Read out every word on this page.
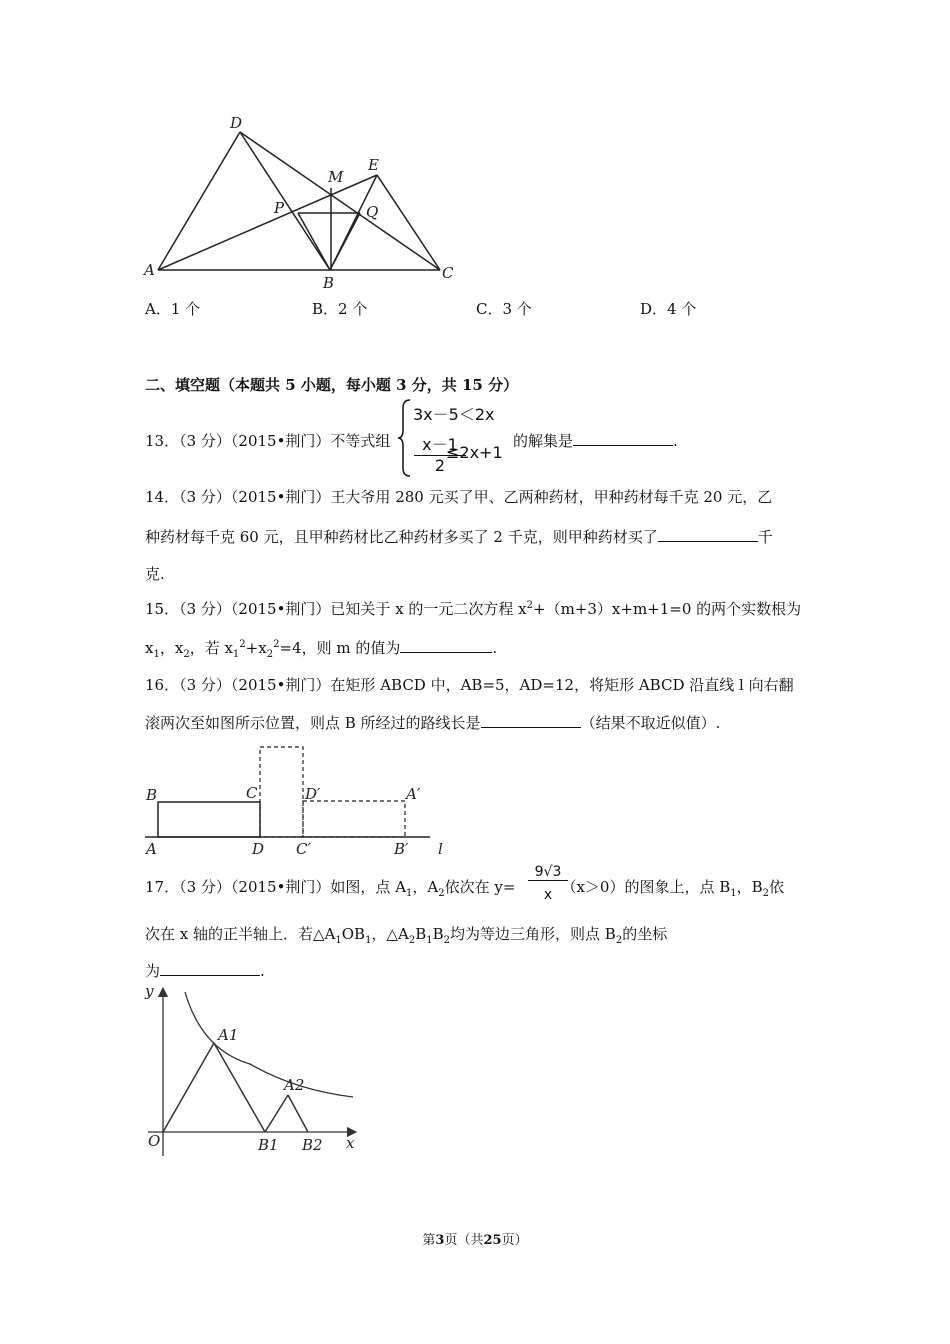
D
M
E
P	Q
A
B
C
A．1 个	B．2 个	C．3 个	D．4 个
二、填空题（本题共 5 小题，每小题 3 分，共 15 分）
13．（3 分）（2015•荆门）不等式组
3x－5＜2x
x－1
2
≤2x+1
的解集是	.
14．（3 分）（2015•荆门）王大爷用 280 元买了甲、乙两种药材，甲种药材每千克 20 元，乙
种药材每千克 60 元，且甲种药材比乙种药材多买了 2 千克，则甲种药材买了	千
克.
15．（3 分）（2015•荆门）已知关于 x 的一元二次方程 $x^2+(m+3)x+m+1=0$ 的两个实数根为
$x_1$，$x_2$，若 $x_1^2+x_2^2=4$，则 m 的值为	.
16．（3 分）（2015•荆门）在矩形 ABCD 中，AB=5，AD=12，将矩形 ABCD 沿直线 l 向右翻
滚两次至如图所示位置，则点 B 所经过的路线长是	（结果不取近似值）.
B	C	D′	A′
A	D C′	B′ l
17．（3 分）（2015•荆门）如图，点 $A_1$，$A_2$依次在 y=	（x＞0）的图象上，点 $B_1$，$B_2$依
9√3
x
次在 x 轴的正半轴上．若$\triangle A_1OB_1$，$\triangle A_2B_1B_2$均为等边三角形，则点 $B_2$的坐标
为	.
y
A1
A2
O	B1 B2 x
第3页（共25页）
